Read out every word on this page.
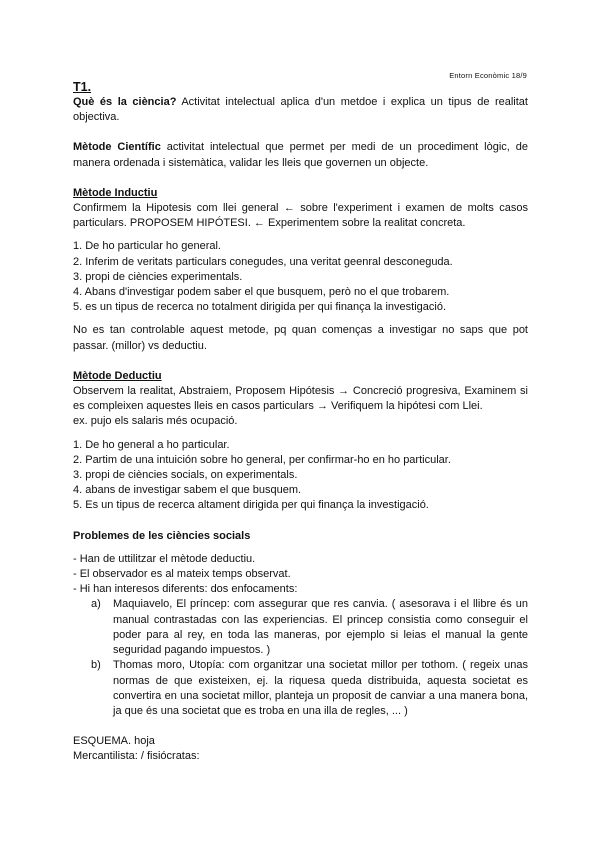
Entorn Econòmic 18/9
T1.

Què és la ciència? Activitat intelectual aplica d'un metdoe i explica un tipus de realitat objectiva.

Mètode Científic activitat intelectual que permet per medi de un procediment lògic, de manera ordenada i sistemàtica, validar les lleis que governen un objecte.

Mètode Inductiu

Confirmem la Hipotesis com llei general ← sobre l'experiment i examen de molts casos particulars. PROPOSEM HIPÓTESI. ← Experimentem sobre la realitat concreta.

1. De ho particular ho general.
2. Inferim de veritats particulars conegudes, una veritat geenral desconeguda.
3. propi de ciències experimentals.
4. Abans d'investigar podem saber el que busquem, però no el que trobarem.
5. es un tipus de recerca no totalment dirigida per qui finança la investigació.

No es tan controlable aquest metode, pq quan començas a investigar no saps que pot passar. (millor) vs deductiu.

Mètode Deductiu

Observem la realitat, Abstraiem, Proposem Hipótesis → Concreció progresiva, Examinem si es compleixen aquestes lleis en casos particulars → Verifiquem la hipótesi com Llei.

ex. pujo els salaris més ocupació.

1. De ho general a ho particular.
2. Partim de una intuición sobre ho general, per confirmar-ho en ho particular.
3. propi de ciències socials, on experimentals.
4. abans de investigar sabem el que busquem.
5. Es un tipus de recerca altament dirigida per qui finança la investigació.
Problemes de les ciències socials
- Han de uttilitzar el mètode deductiu.
- El observador es al mateix temps observat.
- Hi han interesos diferents: dos enfocaments:
a) Maquiavelo, El príncep: com assegurar que res canvia. ( asesorava i el llibre és un manual contrastadas con las experiencias. El princep consistia como conseguir el poder para al rey, en toda las maneras, por ejemplo si leias el manual la gente seguridad pagando impuestos. )
b) Thomas moro, Utopía: com organitzar una societat millor per tothom. ( regeix unas normas de que existeixen, ej. la riquesa queda distribuida, aquesta societat es convertira en una societat millor, planteja un proposit de canviar a una manera bona, ja que és una societat que es troba en una illa de regles, ... )

ESQUEMA. hoja

Mercantilista: / fisiócratas:
